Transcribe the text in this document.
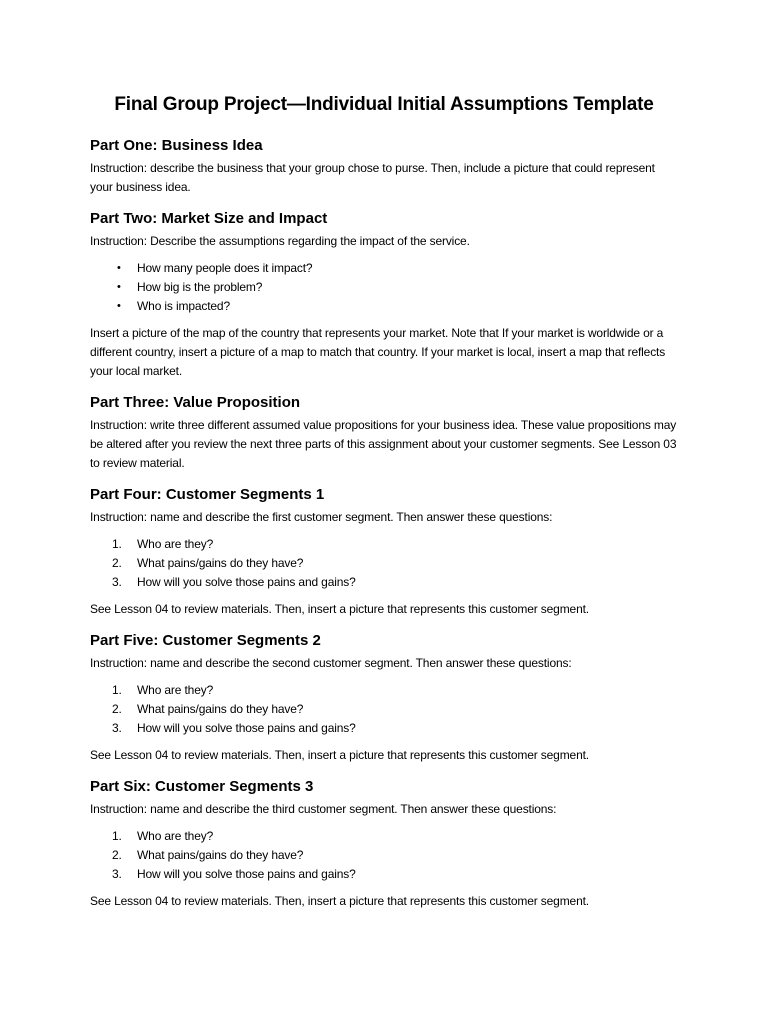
Final Group Project—Individual Initial Assumptions Template
Part One: Business Idea

Instruction: describe the business that your group chose to purse. Then, include a picture that could represent your business idea.

Part Two: Market Size and Impact

Instruction: Describe the assumptions regarding the impact of the service.

• How many people does it impact?
• How big is the problem?
• Who is impacted?

Insert a picture of the map of the country that represents your market. Note that If your market is worldwide or a different country, insert a picture of a map to match that country. If your market is local, insert a map that reflects your local market.

Part Three: Value Proposition

Instruction: write three different assumed value propositions for your business idea. These value propositions may be altered after you review the next three parts of this assignment about your customer segments. See Lesson 03 to review material.

Part Four: Customer Segments 1

Instruction: name and describe the first customer segment. Then answer these questions:

1. Who are they?
2. What pains/gains do they have?
3. How will you solve those pains and gains?

See Lesson 04 to review materials. Then, insert a picture that represents this customer segment.

Part Five: Customer Segments 2

Instruction: name and describe the second customer segment. Then answer these questions:

1. Who are they?
2. What pains/gains do they have?
3. How will you solve those pains and gains?

See Lesson 04 to review materials. Then, insert a picture that represents this customer segment.

Part Six: Customer Segments 3

Instruction: name and describe the third customer segment. Then answer these questions:

1. Who are they?
2. What pains/gains do they have?
3. How will you solve those pains and gains?

See Lesson 04 to review materials. Then, insert a picture that represents this customer segment.
